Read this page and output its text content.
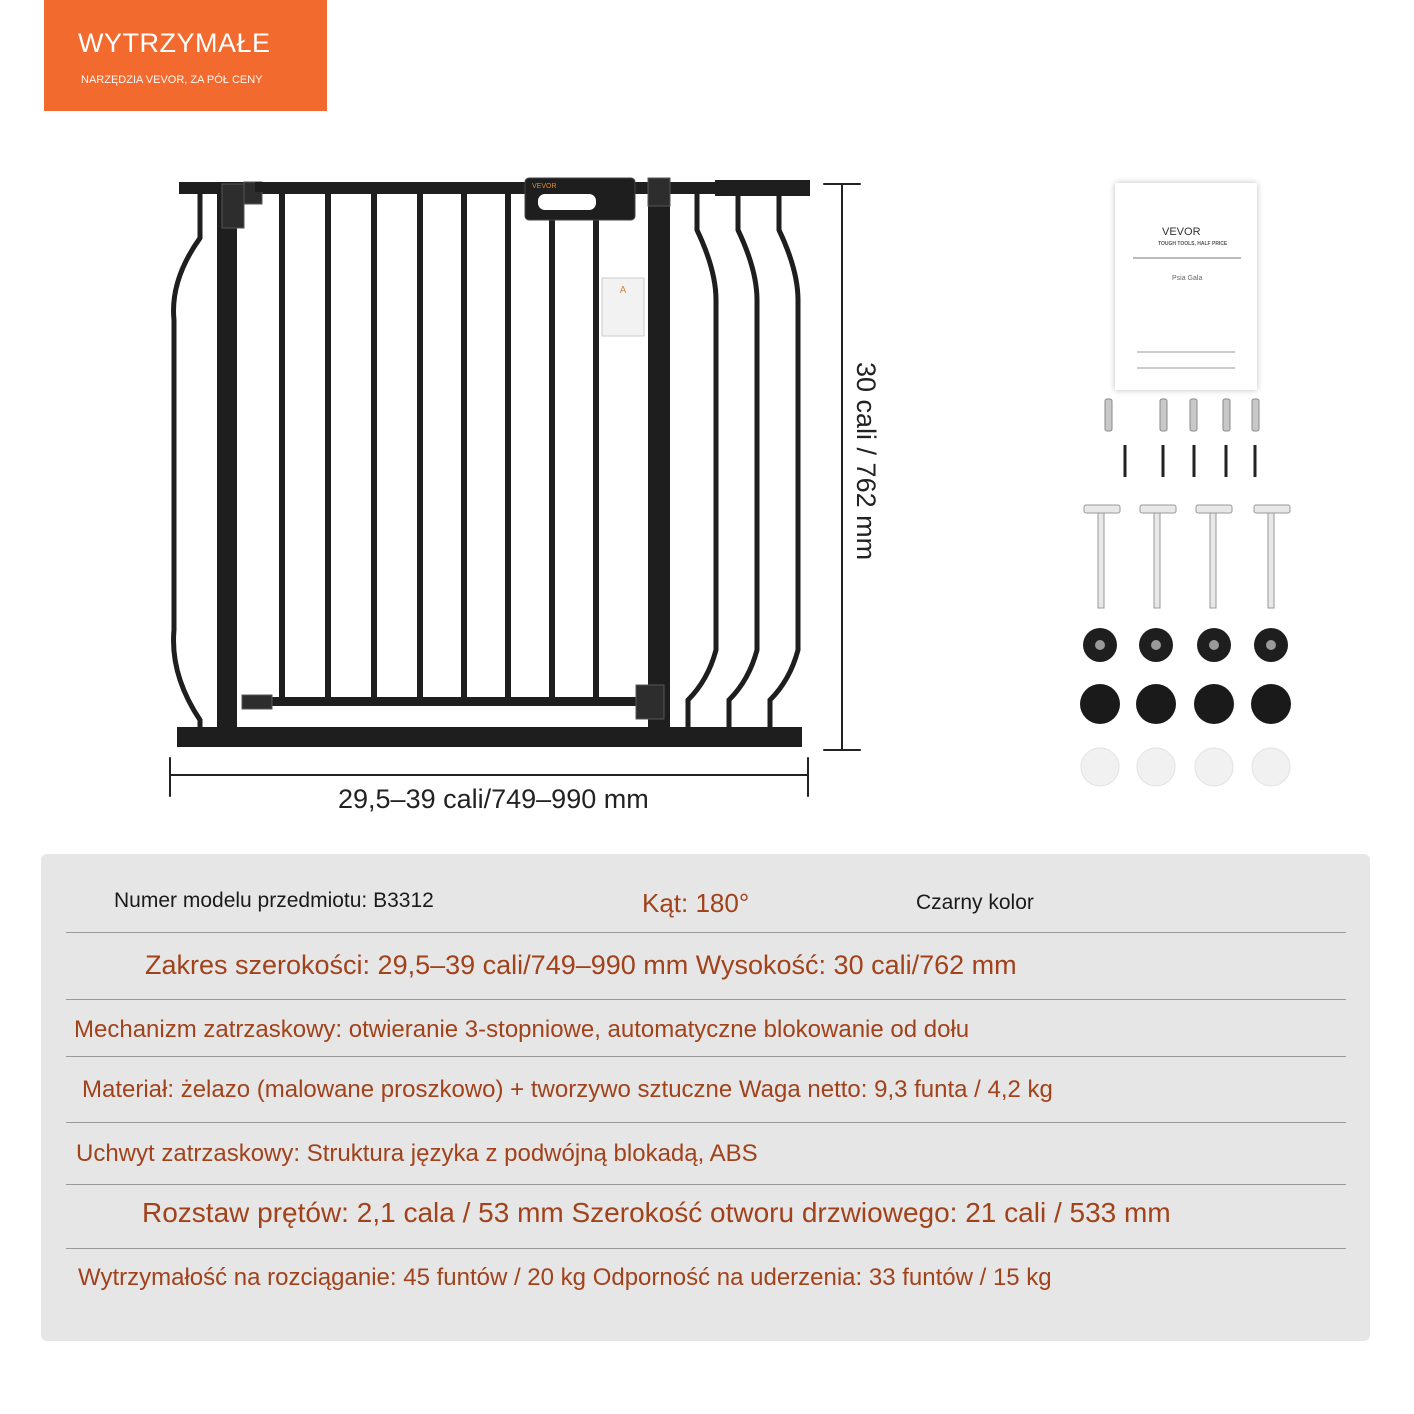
WYTRZYMAŁE
NARZĘDZIA VEVOR, ZA PÓŁ CENY
A
VEVOR
29,5–39 cali/749–990 mm
30 cali / 762 mm
VEVOR
TOUGH TOOLS, HALF PRICE
Psia Gala
Numer modelu przedmiotu: B3312	Kąt: 180°	Czarny kolor
Zakres szerokości: 29,5–39 cali/749–990 mm Wysokość: 30 cali/762 mm
Mechanizm zatrzaskowy: otwieranie 3-stopniowe, automatyczne blokowanie od dołu
Materiał: żelazo (malowane proszkowo) + tworzywo sztuczne Waga netto: 9,3 funta / 4,2 kg
Uchwyt zatrzaskowy: Struktura języka z podwójną blokadą, ABS
Rozstaw prętów: 2,1 cala / 53 mm Szerokość otworu drzwiowego: 21 cali / 533 mm
Wytrzymałość na rozciąganie: 45 funtów / 20 kg Odporność na uderzenia: 33 funtów / 15 kg
